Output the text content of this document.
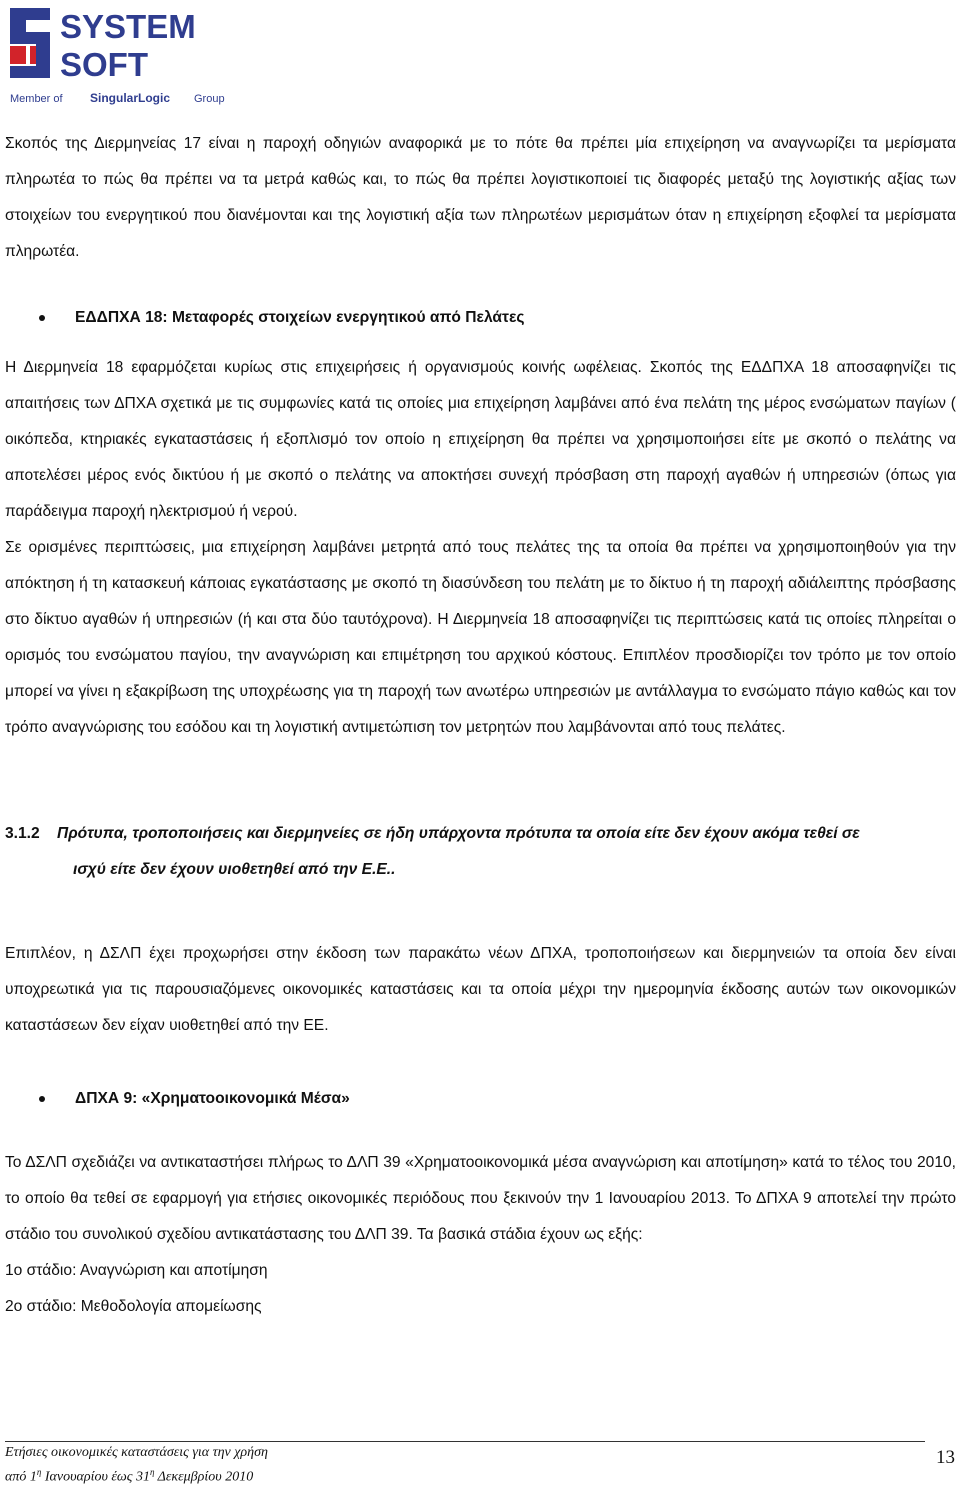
SYSTEM
SOFT
Member of SingularLogic Group

Σκοπός της Διερμηνείας 17 είναι η παροχή οδηγιών αναφορικά με το πότε θα πρέπει μία επιχείρηση να αναγνωρίζει τα μερίσματα πληρωτέα το πώς θα πρέπει να τα μετρά καθώς και, το πώς θα πρέπει λογιστικοποιεί τις διαφορές μεταξύ της λογιστικής αξίας των στοιχείων του ενεργητικού που διανέμονται και της λογιστική αξία των πληρωτέων μερισμάτων όταν η επιχείρηση εξοφλεί τα μερίσματα πληρωτέα.

ΕΔΔΠΧΑ 18: Μεταφορές στοιχείων ενεργητικού από Πελάτες

Η Διερμηνεία 18 εφαρμόζεται κυρίως στις επιχειρήσεις ή οργανισμούς κοινής ωφέλειας. Σκοπός της ΕΔΔΠΧΑ 18 αποσαφηνίζει τις απαιτήσεις των ΔΠΧΑ σχετικά με τις συμφωνίες κατά τις οποίες μια επιχείρηση λαμβάνει από ένα πελάτη της μέρος ενσώματων παγίων ( οικόπεδα, κτηριακές εγκαταστάσεις ή εξοπλισμό τον οποίο η επιχείρηση θα πρέπει να χρησιμοποιήσει είτε με σκοπό ο πελάτης να αποτελέσει μέρος ενός δικτύου ή με σκοπό ο πελάτης να αποκτήσει συνεχή πρόσβαση στη παροχή αγαθών ή υπηρεσιών (όπως για παράδειγμα παροχή ηλεκτρισμού ή νερού.

Σε ορισμένες περιπτώσεις, μια επιχείρηση λαμβάνει μετρητά από τους πελάτες της τα οποία θα πρέπει να χρησιμοποιηθούν για την απόκτηση ή τη κατασκευή κάποιας εγκατάστασης με σκοπό τη διασύνδεση του πελάτη με το δίκτυο ή τη παροχή αδιάλειπτης πρόσβασης στο δίκτυο αγαθών ή υπηρεσιών (ή και στα δύο ταυτόχρονα). Η Διερμηνεία 18 αποσαφηνίζει τις περιπτώσεις κατά τις οποίες πληρείται ο ορισμός του ενσώματου παγίου, την αναγνώριση και επιμέτρηση του αρχικού κόστους. Επιπλέον προσδιορίζει τον τρόπο με τον οποίο μπορεί να γίνει η εξακρίβωση της υποχρέωσης για τη παροχή των ανωτέρω υπηρεσιών με αντάλλαγμα το ενσώματο πάγιο καθώς και τον τρόπο αναγνώρισης του εσόδου και τη λογιστική αντιμετώπιση τον μετρητών που λαμβάνονται από τους πελάτες.

3.1.2 Πρότυπα, τροποποιήσεις και διερμηνείες σε ήδη υπάρχοντα πρότυπα τα οποία είτε δεν έχουν ακόμα τεθεί σε
ισχύ είτε δεν έχουν υιοθετηθεί από την Ε.Ε..

Επιπλέον, η ΔΣΛΠ έχει προχωρήσει στην έκδοση των παρακάτω νέων ΔΠΧΑ, τροποποιήσεων και διερμηνειών τα οποία δεν είναι υποχρεωτικά για τις παρουσιαζόμενες οικονομικές καταστάσεις και τα οποία μέχρι την ημερομηνία έκδοσης αυτών των οικονομικών καταστάσεων δεν είχαν υιοθετηθεί από την ΕΕ.

ΔΠΧΑ 9: «Χρηματοοικονομικά Μέσα»

Το ΔΣΛΠ σχεδιάζει να αντικαταστήσει πλήρως το ΔΛΠ 39 «Χρηματοοικονομικά μέσα αναγνώριση και αποτίμηση» κατά το τέλος του 2010, το οποίο θα τεθεί σε εφαρμογή για ετήσιες οικονομικές περιόδους που ξεκινούν την 1 Ιανουαρίου 2013. Το ΔΠΧΑ 9 αποτελεί την πρώτο στάδιο του συνολικού σχεδίου αντικατάστασης του ΔΛΠ 39. Τα βασικά στάδια έχουν ως εξής:

1ο στάδιο: Αναγνώριση και αποτίμηση

2ο στάδιο: Μεθοδολογία απομείωσης

Ετήσιες οικονομικές καταστάσεις για την χρήση
από $1^\eta$ Ιανουαρίου έως $31^\eta$ Δεκεμβρίου 2010
13
